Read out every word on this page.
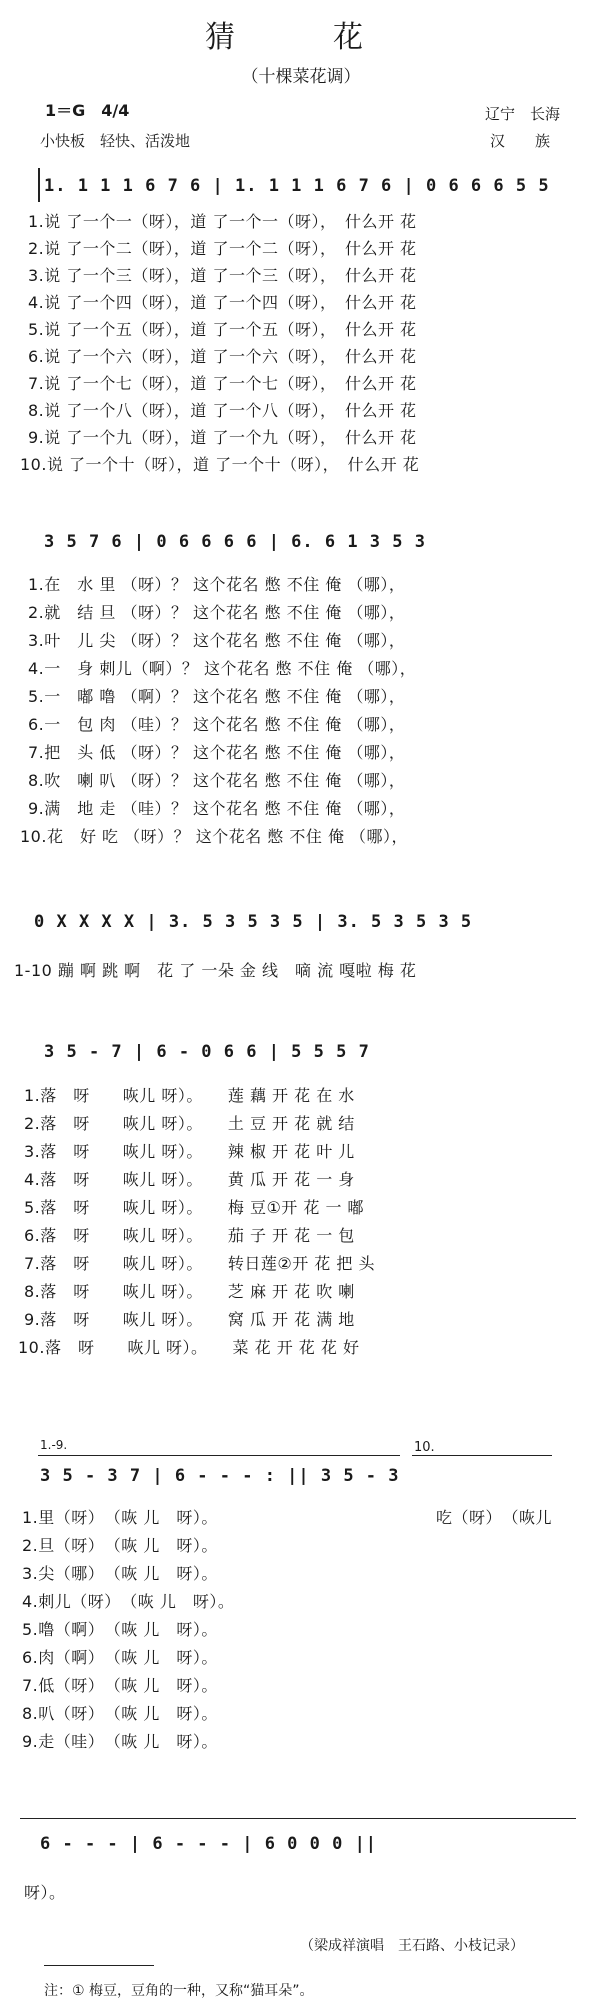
猜　花
（十棵菜花调）
1＝G　4/4
小快板　轻快、活泼地
辽宁　长海
汉　　族
1. 1 1 1 6 7 6 | 1. 1 1 1 6 7 6 | 0 6 6 6 5 5
1.说 了一个一（呀），道 了一个一（呀），　什么开 花
2.说 了一个二（呀），道 了一个二（呀），　什么开 花
3.说 了一个三（呀），道 了一个三（呀），　什么开 花
4.说 了一个四（呀），道 了一个四（呀），　什么开 花
5.说 了一个五（呀），道 了一个五（呀），　什么开 花
6.说 了一个六（呀），道 了一个六（呀），　什么开 花
7.说 了一个七（呀），道 了一个七（呀），　什么开 花
8.说 了一个八（呀），道 了一个八（呀），　什么开 花
9.说 了一个九（呀），道 了一个九（呀），　什么开 花
10.说 了一个十（呀），道 了一个十（呀），　什么开 花
3 5 7 6 | 0 6 6 6 6 | 6. 6 1 3 5 3
1.在　水 里 （呀）？ 这个花名 憋 不住 俺 （哪），
2.就　结 旦 （呀）？ 这个花名 憋 不住 俺 （哪），
3.叶　儿 尖 （呀）？ 这个花名 憋 不住 俺 （哪），
4.一　身 刺儿（啊）？ 这个花名 憋 不住 俺 （哪），
5.一　嘟 噜 （啊）？ 这个花名 憋 不住 俺 （哪），
6.一　包 肉 （哇）？ 这个花名 憋 不住 俺 （哪），
7.把　头 低 （呀）？ 这个花名 憋 不住 俺 （哪），
8.吹　喇 叭 （呀）？ 这个花名 憋 不住 俺 （哪），
9.满　地 走 （哇）？ 这个花名 憋 不住 俺 （哪），
10.花　好 吃 （呀）？ 这个花名 憋 不住 俺 （哪），
0 X X X X | 3. 5 3 5 3 5 | 3. 5 3 5 3 5
1-10 蹦 啊 跳 啊　花 了 一朵 金 线　嘀 流 嘎啦 梅 花
3 5 - 7 | 6 - 0 6 6 | 5 5 5 7
1.落　呀　　咴儿 呀）。　　莲 藕 开 花 在 水
2.落　呀　　咴儿 呀）。　　土 豆 开 花 就 结
3.落　呀　　咴儿 呀）。　　辣 椒 开 花 叶 儿
4.落　呀　　咴儿 呀）。　　黄 瓜 开 花 一 身
5.落　呀　　咴儿 呀）。　　梅 豆①开 花 一 嘟
6.落　呀　　咴儿 呀）。　　茄 子 开 花 一 包
7.落　呀　　咴儿 呀）。　　转日莲②开 花 把 头
8.落　呀　　咴儿 呀）。　　芝 麻 开 花 吹 喇
9.落　呀　　咴儿 呀）。　　窝 瓜 开 花 满 地
10.落　呀　　咴儿 呀）。　　菜 花 开 花 花 好
1.-9.	10.
3 5 - 3 7 | 6 - - - : || 3 5 - 3
1.里（呀）　（咴 儿　呀）。
2.旦（呀）　（咴 儿　呀）。
3.尖（哪）　（咴 儿　呀）。
4.刺儿（呀）　（咴 儿　呀）。
5.噜（啊）　（咴 儿　呀）。
6.肉（啊）　（咴 儿　呀）。
7.低（呀）　（咴 儿　呀）。
8.叭（呀）　（咴 儿　呀）。
9.走（哇）　（咴 儿　呀）。
吃（呀）　（咴儿
6 - - - | 6 - - - | 6 0 0 0 ||
呀）。
（梁成祥演唱　王石路、小枝记录）
注：① 梅豆，豆角的一种，又称“猫耳朵”。
